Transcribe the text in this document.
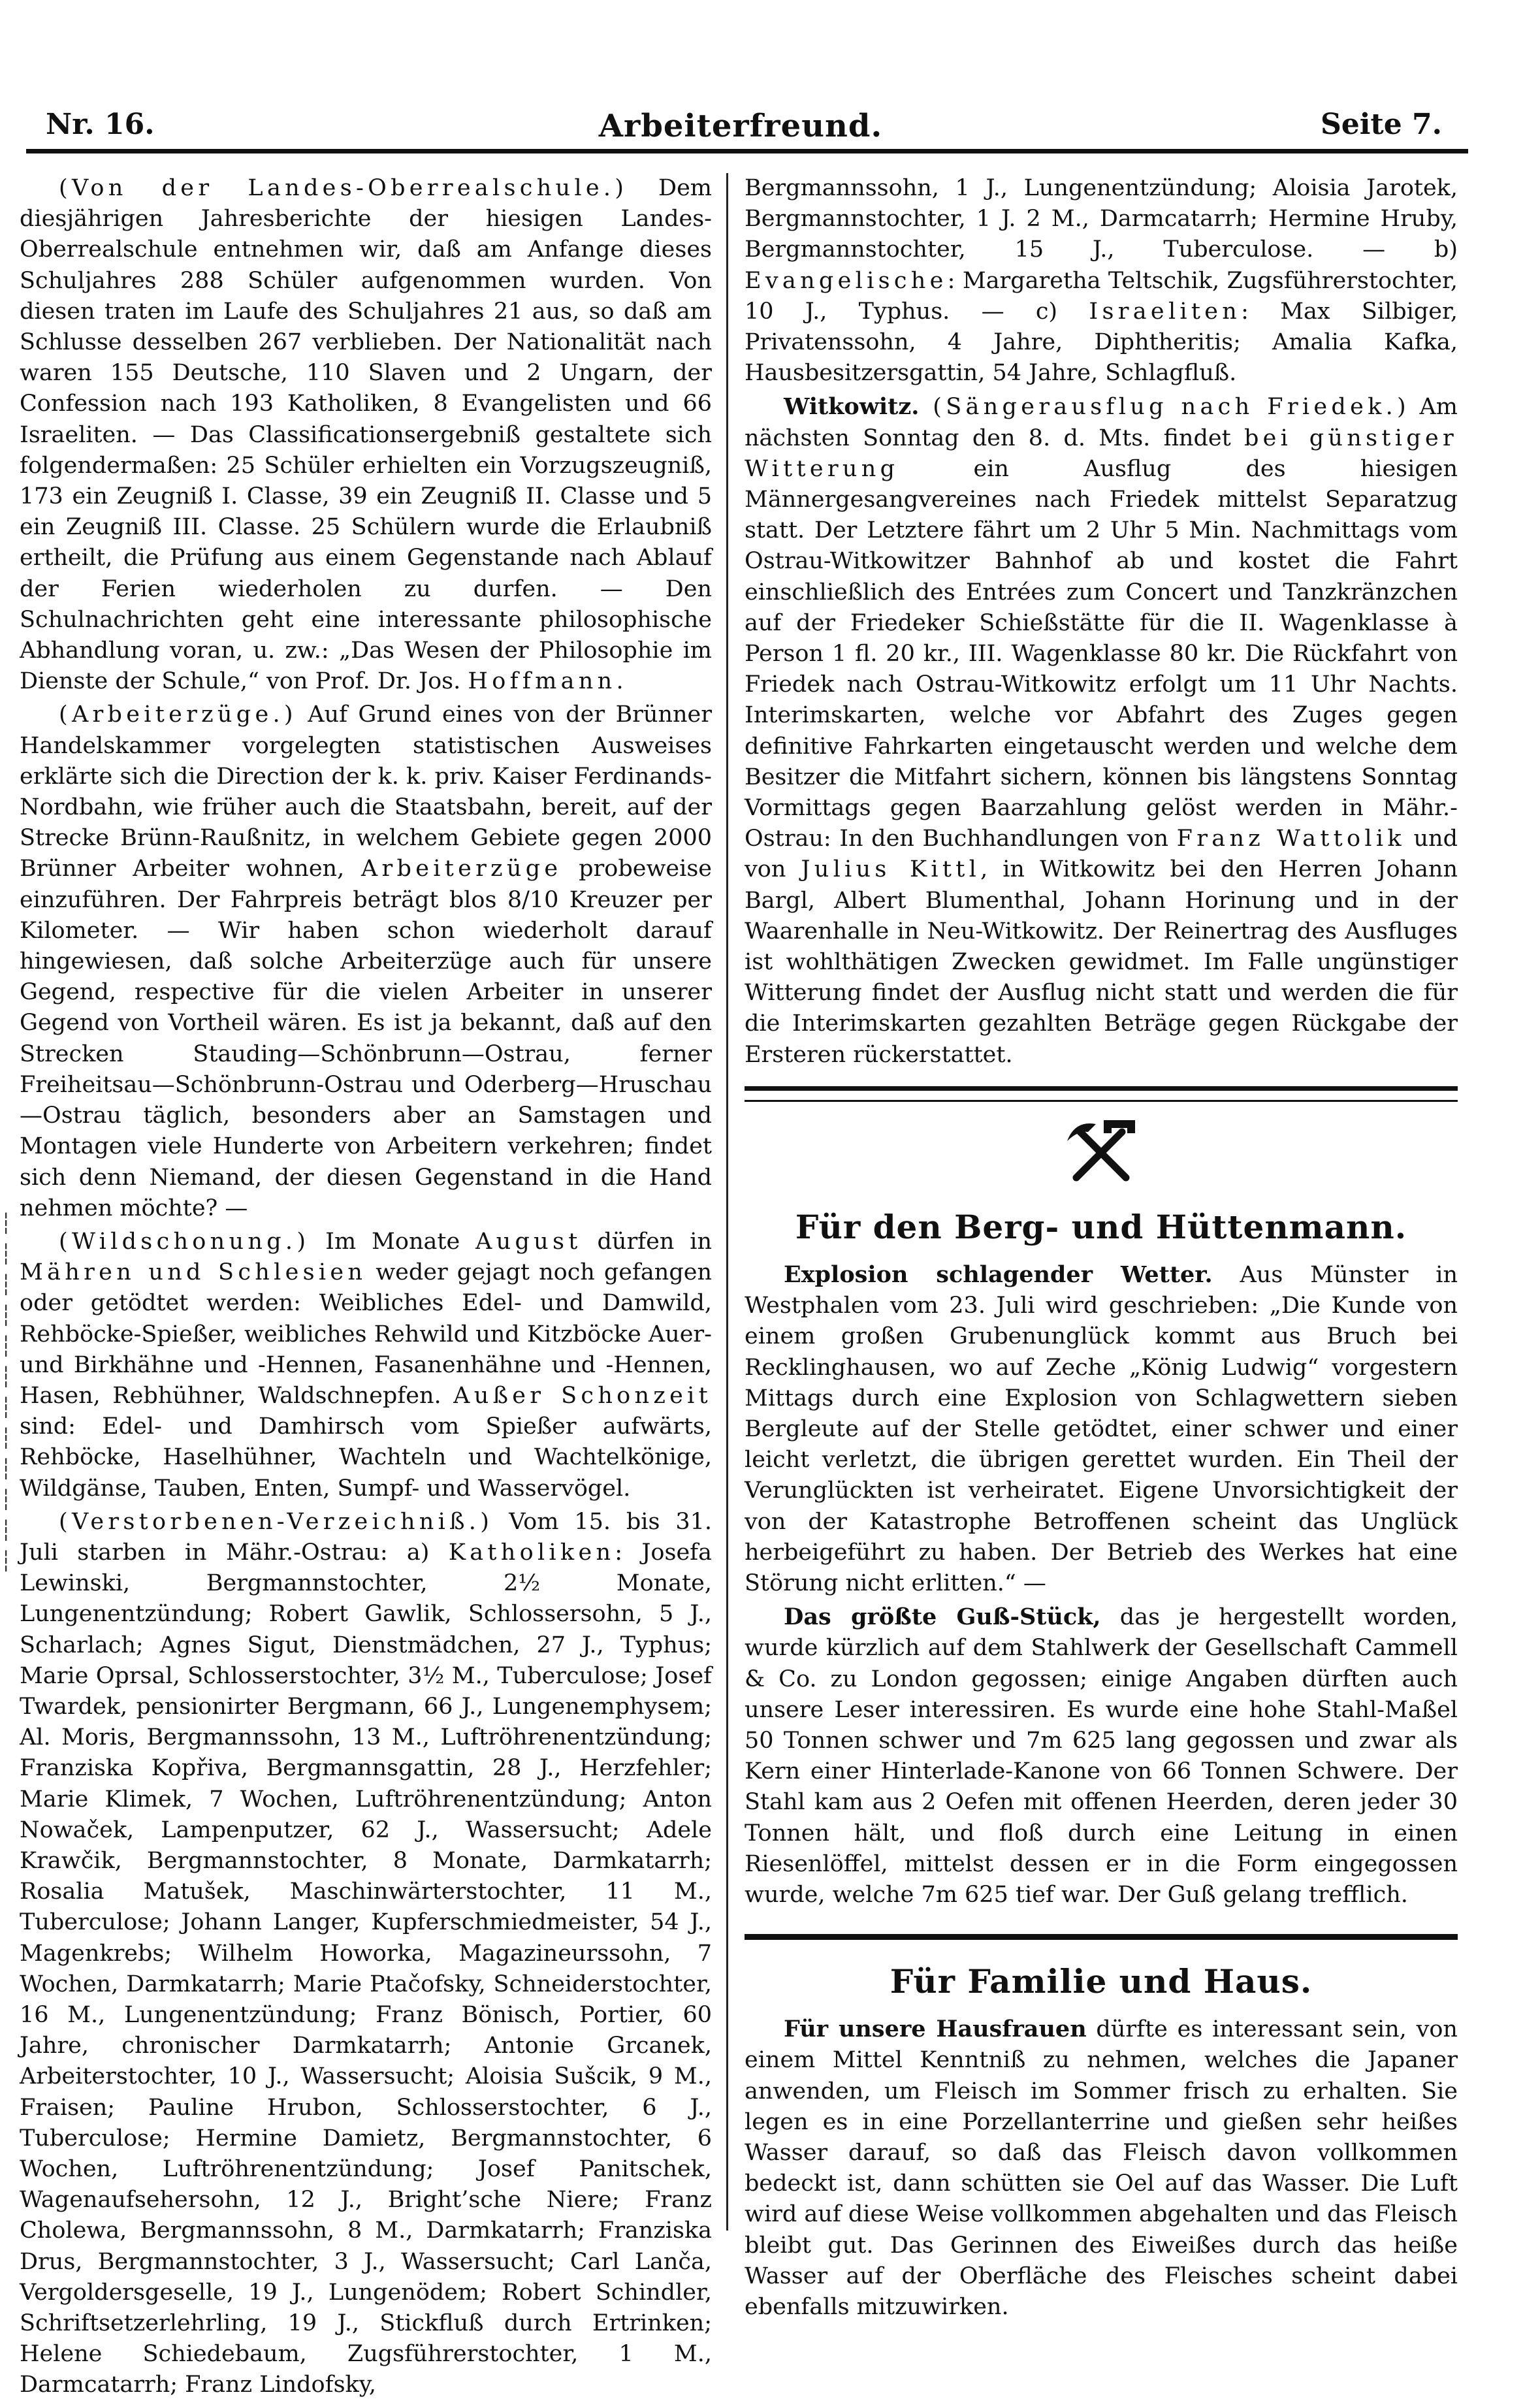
Nr. 16.	Arbeiterfreund.	Seite 7.
┆
┆
┆
┆
┆
┆
┆
┆
┆
┆
┆
┆

(Von der Landes-Oberrealschule.) Dem diesjährigen Jahresberichte der hiesigen Landes-Oberrealschule entnehmen wir, daß am Anfange dieses Schuljahres 288 Schüler aufgenommen wurden. Von diesen traten im Laufe des Schuljahres 21 aus, so daß am Schlusse desselben 267 verblieben. Der Nationalität nach waren 155 Deutsche, 110 Slaven und 2 Ungarn, der Confession nach 193 Katholiken, 8 Evangelisten und 66 Israeliten. — Das Classificationsergebniß gestaltete sich folgendermaßen: 25 Schüler erhielten ein Vorzugszeugniß, 173 ein Zeugniß I. Classe, 39 ein Zeugniß II. Classe und 5 ein Zeugniß III. Classe. 25 Schülern wurde die Erlaubniß ertheilt, die Prüfung aus einem Gegenstande nach Ablauf der Ferien wiederholen zu durfen. — Den Schulnachrichten geht eine interessante philosophische Abhandlung voran, u. zw.: „Das Wesen der Philosophie im Dienste der Schule,“ von Prof. Dr. Jos. Hoffmann.

(Arbeiterzüge.) Auf Grund eines von der Brünner Handelskammer vorgelegten statistischen Ausweises erklärte sich die Direction der k. k. priv. Kaiser Ferdinands-Nordbahn, wie früher auch die Staatsbahn, bereit, auf der Strecke Brünn-Raußnitz, in welchem Gebiete gegen 2000 Brünner Arbeiter wohnen, Arbeiterzüge probeweise einzuführen. Der Fahrpreis beträgt blos 8/10 Kreuzer per Kilometer. — Wir haben schon wiederholt darauf hingewiesen, daß solche Arbeiterzüge auch für unsere Gegend, respective für die vielen Arbeiter in unserer Gegend von Vortheil wären. Es ist ja bekannt, daß auf den Strecken Stauding—Schönbrunn—Ostrau, ferner Freiheitsau—Schönbrunn-Ostrau und Oderberg—Hruschau—Ostrau täglich, besonders aber an Samstagen und Montagen viele Hunderte von Arbeitern verkehren; findet sich denn Niemand, der diesen Gegenstand in die Hand nehmen möchte? —

(Wildschonung.) Im Monate August dürfen in Mähren und Schlesien weder gejagt noch gefangen oder getödtet werden: Weibliches Edel- und Damwild, Rehböcke-Spießer, weibliches Rehwild und Kitzböcke Auer- und Birkhähne und -Hennen, Fasanenhähne und -Hennen, Hasen, Rebhühner, Waldschnepfen. Außer Schonzeit sind: Edel- und Damhirsch vom Spießer aufwärts, Rehböcke, Haselhühner, Wachteln und Wachtelkönige, Wildgänse, Tauben, Enten, Sumpf- und Wasservögel.

(Verstorbenen-Verzeichniß.) Vom 15. bis 31. Juli starben in Mähr.-Ostrau: a) Katholiken: Josefa Lewinski, Bergmannstochter, 2½ Monate, Lungenentzündung; Robert Gawlik, Schlossersohn, 5 J., Scharlach; Agnes Sigut, Dienstmädchen, 27 J., Typhus; Marie Oprsal, Schlosserstochter, 3½ M., Tuberculose; Josef Twardek, pensionirter Bergmann, 66 J., Lungenemphysem; Al. Moris, Bergmannssohn, 13 M., Luftröhrenentzündung; Franziska Kopřiva, Bergmannsgattin, 28 J., Herzfehler; Marie Klimek, 7 Wochen, Luftröhrenentzündung; Anton Nowaček, Lampenputzer, 62 J., Wassersucht; Adele Krawčik, Bergmannstochter, 8 Monate, Darmkatarrh; Rosalia Matušek, Maschinwärterstochter, 11 M., Tuberculose; Johann Langer, Kupferschmiedmeister, 54 J., Magenkrebs; Wilhelm Howorka, Magazineurssohn, 7 Wochen, Darmkatarrh; Marie Ptačofsky, Schneiderstochter, 16 M., Lungenentzündung; Franz Bönisch, Portier, 60 Jahre, chronischer Darmkatarrh; Antonie Grcanek, Arbeiterstochter, 10 J., Wassersucht; Aloisia Sušcik, 9 M., Fraisen; Pauline Hrubon, Schlosserstochter, 6 J., Tuberculose; Hermine Damietz, Bergmannstochter, 6 Wochen, Luftröhrenentzündung; Josef Panitschek, Wagenaufsehersohn, 12 J., Bright’sche Niere; Franz Cholewa, Bergmannssohn, 8 M., Darmkatarrh; Franziska Drus, Bergmannstochter, 3 J., Wassersucht; Carl Lanča, Vergoldersgeselle, 19 J., Lungenödem; Robert Schindler, Schriftsetzerlehrling, 19 J., Stickfluß durch Ertrinken; Helene Schiedebaum, Zugsführerstochter, 1 M., Darmcatarrh; Franz Lindofsky,

Bergmannssohn, 1 J., Lungenentzündung; Aloisia Jarotek, Bergmannstochter, 1 J. 2 M., Darmcatarrh; Hermine Hruby, Bergmannstochter, 15 J., Tuberculose. — b) Evangelische: Margaretha Teltschik, Zugsführerstochter, 10 J., Typhus. — c) Israeliten: Max Silbiger, Privatenssohn, 4 Jahre, Diphtheritis; Amalia Kafka, Hausbesitzersgattin, 54 Jahre, Schlagfluß.

Witkowitz. (Sängerausflug nach Friedek.) Am nächsten Sonntag den 8. d. Mts. findet bei günstiger Witterung ein Ausflug des hiesigen Männergesangvereines nach Friedek mittelst Separatzug statt. Der Letztere fährt um 2 Uhr 5 Min. Nachmittags vom Ostrau-Witkowitzer Bahnhof ab und kostet die Fahrt einschließlich des Entrées zum Concert und Tanzkränzchen auf der Friedeker Schießstätte für die II. Wagenklasse à Person 1 fl. 20 kr., III. Wagenklasse 80 kr. Die Rückfahrt von Friedek nach Ostrau-Witkowitz erfolgt um 11 Uhr Nachts. Interimskarten, welche vor Abfahrt des Zuges gegen definitive Fahrkarten eingetauscht werden und welche dem Besitzer die Mitfahrt sichern, können bis längstens Sonntag Vormittags gegen Baarzahlung gelöst werden in Mähr.-Ostrau: In den Buchhandlungen von Franz Wattolik und von Julius Kittl, in Witkowitz bei den Herren Johann Bargl, Albert Blumenthal, Johann Horinung und in der Waarenhalle in Neu-Witkowitz. Der Reinertrag des Ausfluges ist wohlthätigen Zwecken gewidmet. Im Falle ungünstiger Witterung findet der Ausflug nicht statt und werden die für die Interimskarten gezahlten Beträge gegen Rückgabe der Ersteren rückerstattet.

Für den Berg- und Hüttenmann.

Explosion schlagender Wetter. Aus Münster in Westphalen vom 23. Juli wird geschrieben: „Die Kunde von einem großen Grubenunglück kommt aus Bruch bei Recklinghausen, wo auf Zeche „König Ludwig“ vorgestern Mittags durch eine Explosion von Schlagwettern sieben Bergleute auf der Stelle getödtet, einer schwer und einer leicht verletzt, die übrigen gerettet wurden. Ein Theil der Verunglückten ist verheiratet. Eigene Unvorsichtigkeit der von der Katastrophe Betroffenen scheint das Unglück herbeigeführt zu haben. Der Betrieb des Werkes hat eine Störung nicht erlitten.“ —

Das größte Guß-Stück, das je hergestellt worden, wurde kürzlich auf dem Stahlwerk der Gesellschaft Cammell & Co. zu London gegossen; einige Angaben dürften auch unsere Leser interessiren. Es wurde eine hohe Stahl-Maßel 50 Tonnen schwer und 7m 625 lang gegossen und zwar als Kern einer Hinterlade-Kanone von 66 Tonnen Schwere. Der Stahl kam aus 2 Oefen mit offenen Heerden, deren jeder 30 Tonnen hält, und floß durch eine Leitung in einen Riesenlöffel, mittelst dessen er in die Form eingegossen wurde, welche 7m 625 tief war. Der Guß gelang trefflich.

Für Familie und Haus.

Für unsere Hausfrauen dürfte es interessant sein, von einem Mittel Kenntniß zu nehmen, welches die Japaner anwenden, um Fleisch im Sommer frisch zu erhalten. Sie legen es in eine Porzellanterrine und gießen sehr heißes Wasser darauf, so daß das Fleisch davon vollkommen bedeckt ist, dann schütten sie Oel auf das Wasser. Die Luft wird auf diese Weise vollkommen abgehalten und das Fleisch bleibt gut. Das Gerinnen des Eiweißes durch das heiße Wasser auf der Oberfläche des Fleisches scheint dabei ebenfalls mitzuwirken.
